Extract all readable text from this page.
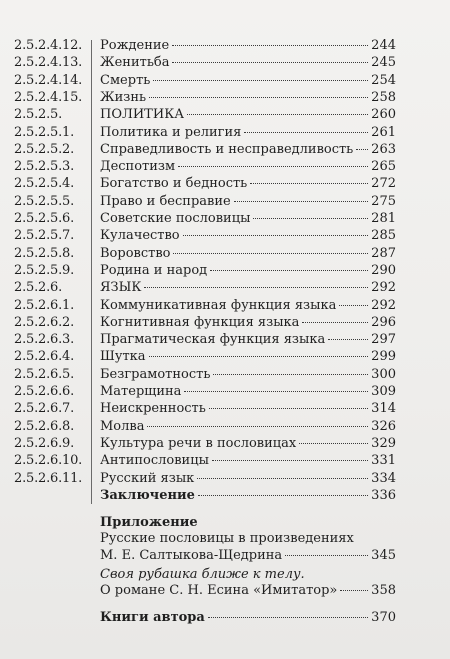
2.5.2.4.12. Рождение	244
2.5.2.4.13. Женитьба	245
2.5.2.4.14. Смерть	254
2.5.2.4.15. Жизнь	258
2.5.2.5.	ПОЛИТИКА	260
2.5.2.5.1. Политика и религия	261
2.5.2.5.2. Справедливость и несправедливость 263
2.5.2.5.3. Деспотизм	265
2.5.2.5.4. Богатство и бедность	272
2.5.2.5.5. Право и бесправие	275
2.5.2.5.6. Советские пословицы	281
2.5.2.5.7. Кулачество	285
2.5.2.5.8. Воровство	287
2.5.2.5.9. Родина и народ	290
2.5.2.6.	ЯЗЫК	292
2.5.2.6.1. Коммуникативная функция языка	292
2.5.2.6.2. Когнитивная функция языка	296
2.5.2.6.3. Прагматическая функция языка	297
2.5.2.6.4. Шутка	299
2.5.2.6.5. Безграмотность	300
2.5.2.6.6. Матерщина	309
2.5.2.6.7. Неискренность	314
2.5.2.6.8. Молва	326
2.5.2.6.9. Культура речи в пословицах	329
2.5.2.6.10. Антипословицы	331
2.5.2.6.11. Русский язык	334
Заключение	336
Приложение
Русские пословицы в произведениях
М. Е. Салтыкова-Щедрина	345
Своя рубашка ближе к телу.
О романе С. Н. Есина «Имитатор»	358
Книги автора	370
